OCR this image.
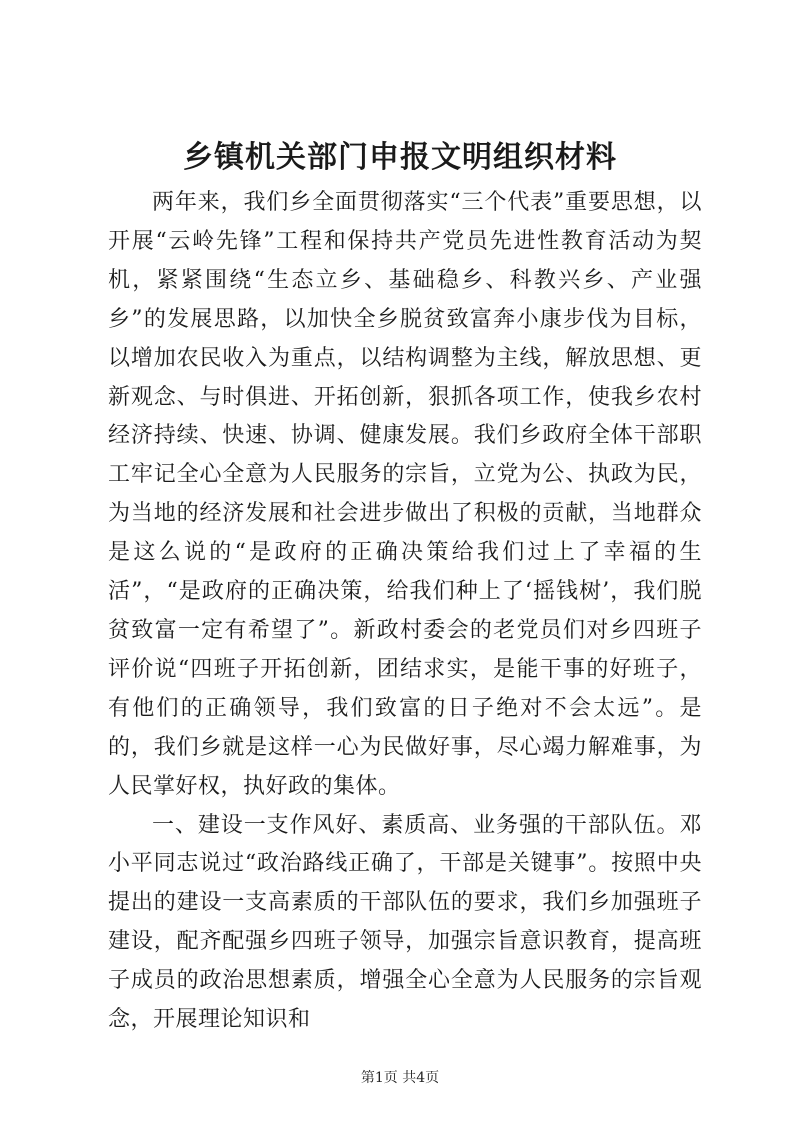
乡镇机关部门申报文明组织材料

两年来，我们乡全面贯彻落实“三个代表”重要思想，以开展“云岭先锋”工程和保持共产党员先进性教育活动为契机，紧紧围绕“生态立乡、基础稳乡、科教兴乡、产业强乡”的发展思路，以加快全乡脱贫致富奔小康步伐为目标，以增加农民收入为重点，以结构调整为主线，解放思想、更新观念、与时俱进、开拓创新，狠抓各项工作，使我乡农村经济持续、快速、协调、健康发展。我们乡政府全体干部职工牢记全心全意为人民服务的宗旨，立党为公、执政为民，为当地的经济发展和社会进步做出了积极的贡献，当地群众是这么说的“是政府的正确决策给我们过上了幸福的生活”，“是政府的正确决策，给我们种上了‘摇钱树’，我们脱贫致富一定有希望了”。新政村委会的老党员们对乡四班子评价说“四班子开拓创新，团结求实，是能干事的好班子，有他们的正确领导，我们致富的日子绝对不会太远”。是的，我们乡就是这样一心为民做好事，尽心竭力解难事，为人民掌好权，执好政的集体。

一、建设一支作风好、素质高、业务强的干部队伍。邓小平同志说过“政治路线正确了，干部是关键事”。按照中央提出的建设一支高素质的干部队伍的要求，我们乡加强班子建设，配齐配强乡四班子领导，加强宗旨意识教育，提高班子成员的政治思想素质，增强全心全意为人民服务的宗旨观念，开展理论知识和

第1页 共4页
